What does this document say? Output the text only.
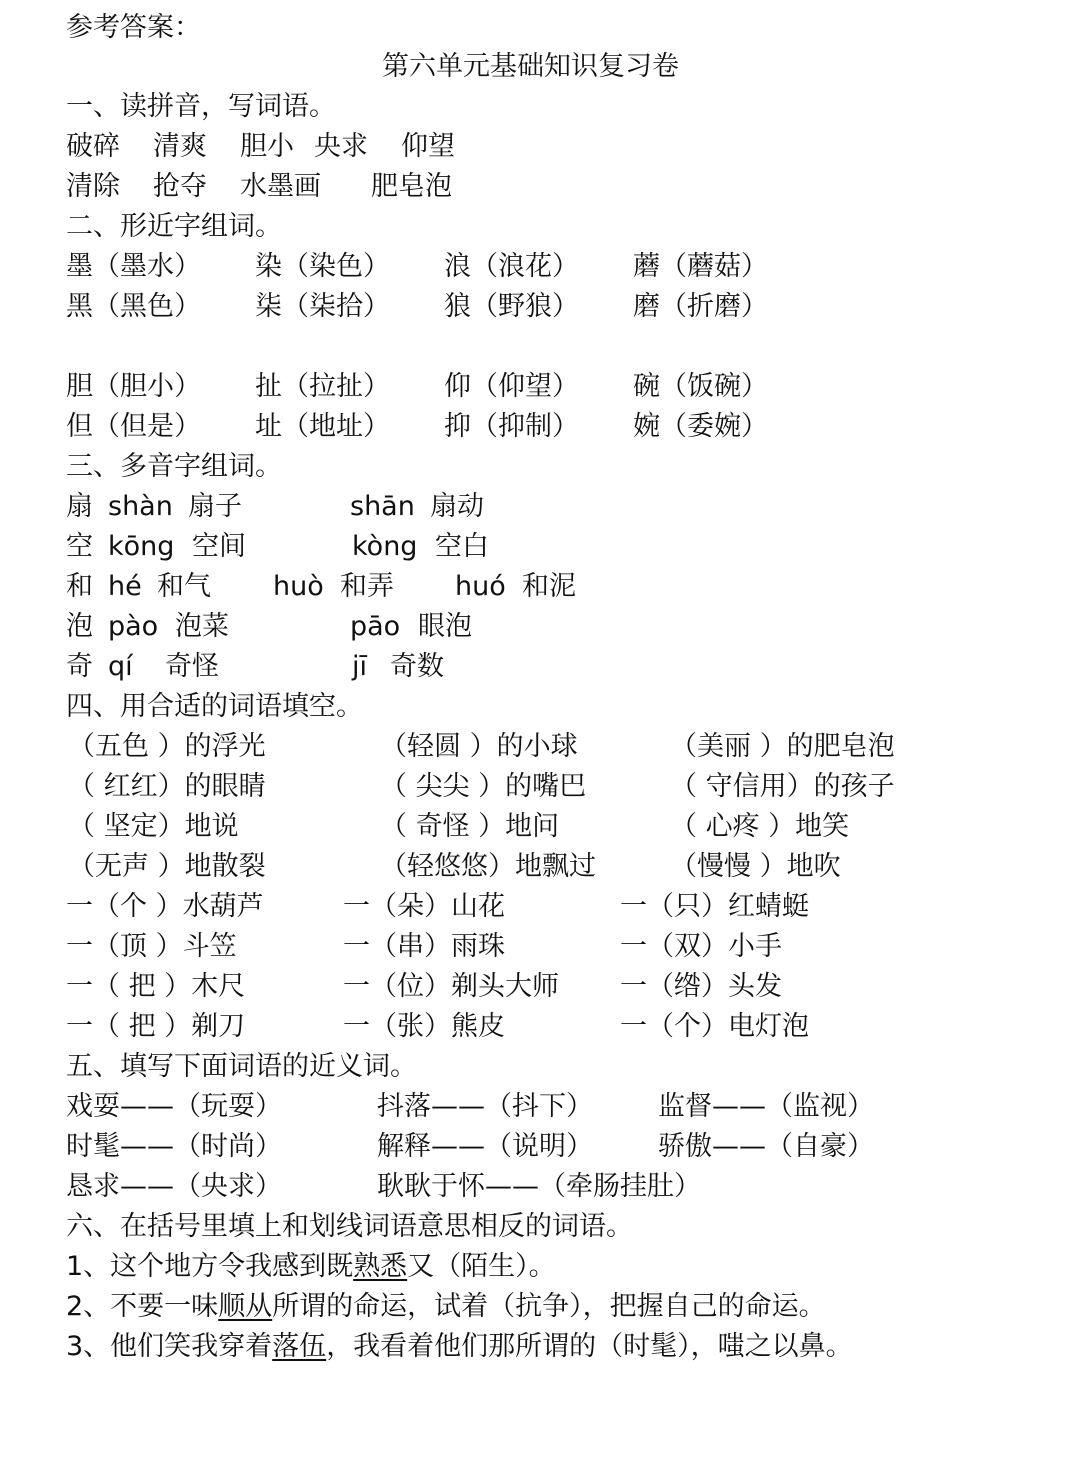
参考答案：
第六单元基础知识复习卷
一、读拼音，写词语。
破碎 清爽 胆小 央求 仰望
清除 抢夺 水墨画 肥皂泡
二、形近字组词。
墨（墨水） 染（染色） 浪（浪花） 蘑（蘑菇）
黑（黑色） 柒（柒拾） 狼（野狼） 磨（折磨）
胆（胆小） 扯（拉扯） 仰（仰望） 碗（饭碗）
但（但是） 址（地址） 抑（抑制） 婉（委婉）
三、多音字组词。
扇 shàn 扇子	shān 扇动
空 kōng 空间	kòng 空白
和 hé 和气 huò 和弄 huó 和泥
泡 pào 泡菜	pāo 眼泡
奇 qí 奇怪	jī 奇数
四、用合适的词语填空。
（五色 ）的浮光	（轻圆 ）的小球	（美丽 ）的肥皂泡
（ 红红）的眼睛	（ 尖尖 ）的嘴巴	（ 守信用）的孩子
（ 坚定）地说	（ 奇怪 ）地问	（ 心疼 ）地笑
（无声 ）地散裂	（轻悠悠）地飘过	（慢慢 ）地吹
一（个 ）水葫芦	一（朵）山花	一（只）红蜻蜓
一（顶 ）斗笠	一（串）雨珠	一（双）小手
一（ 把 ）木尺	一（位）剃头大师 一（绺）头发
一（ 把 ）剃刀	一（张）熊皮	一（个）电灯泡
五、填写下面词语的近义词。
戏耍——（玩耍）	抖落——（抖下） 监督——（监视）
时髦——（时尚）	解释——（说明） 骄傲——（自豪）
恳求——（央求）	耿耿于怀——（牵肠挂肚）
六、在括号里填上和划线词语意思相反的词语。
1、这个地方令我感到既熟悉又（陌生）。
2、不要一味顺从所谓的命运，试着（抗争），把握自己的命运。
3、他们笑我穿着落伍，我看着他们那所谓的（时髦），嗤之以鼻。
